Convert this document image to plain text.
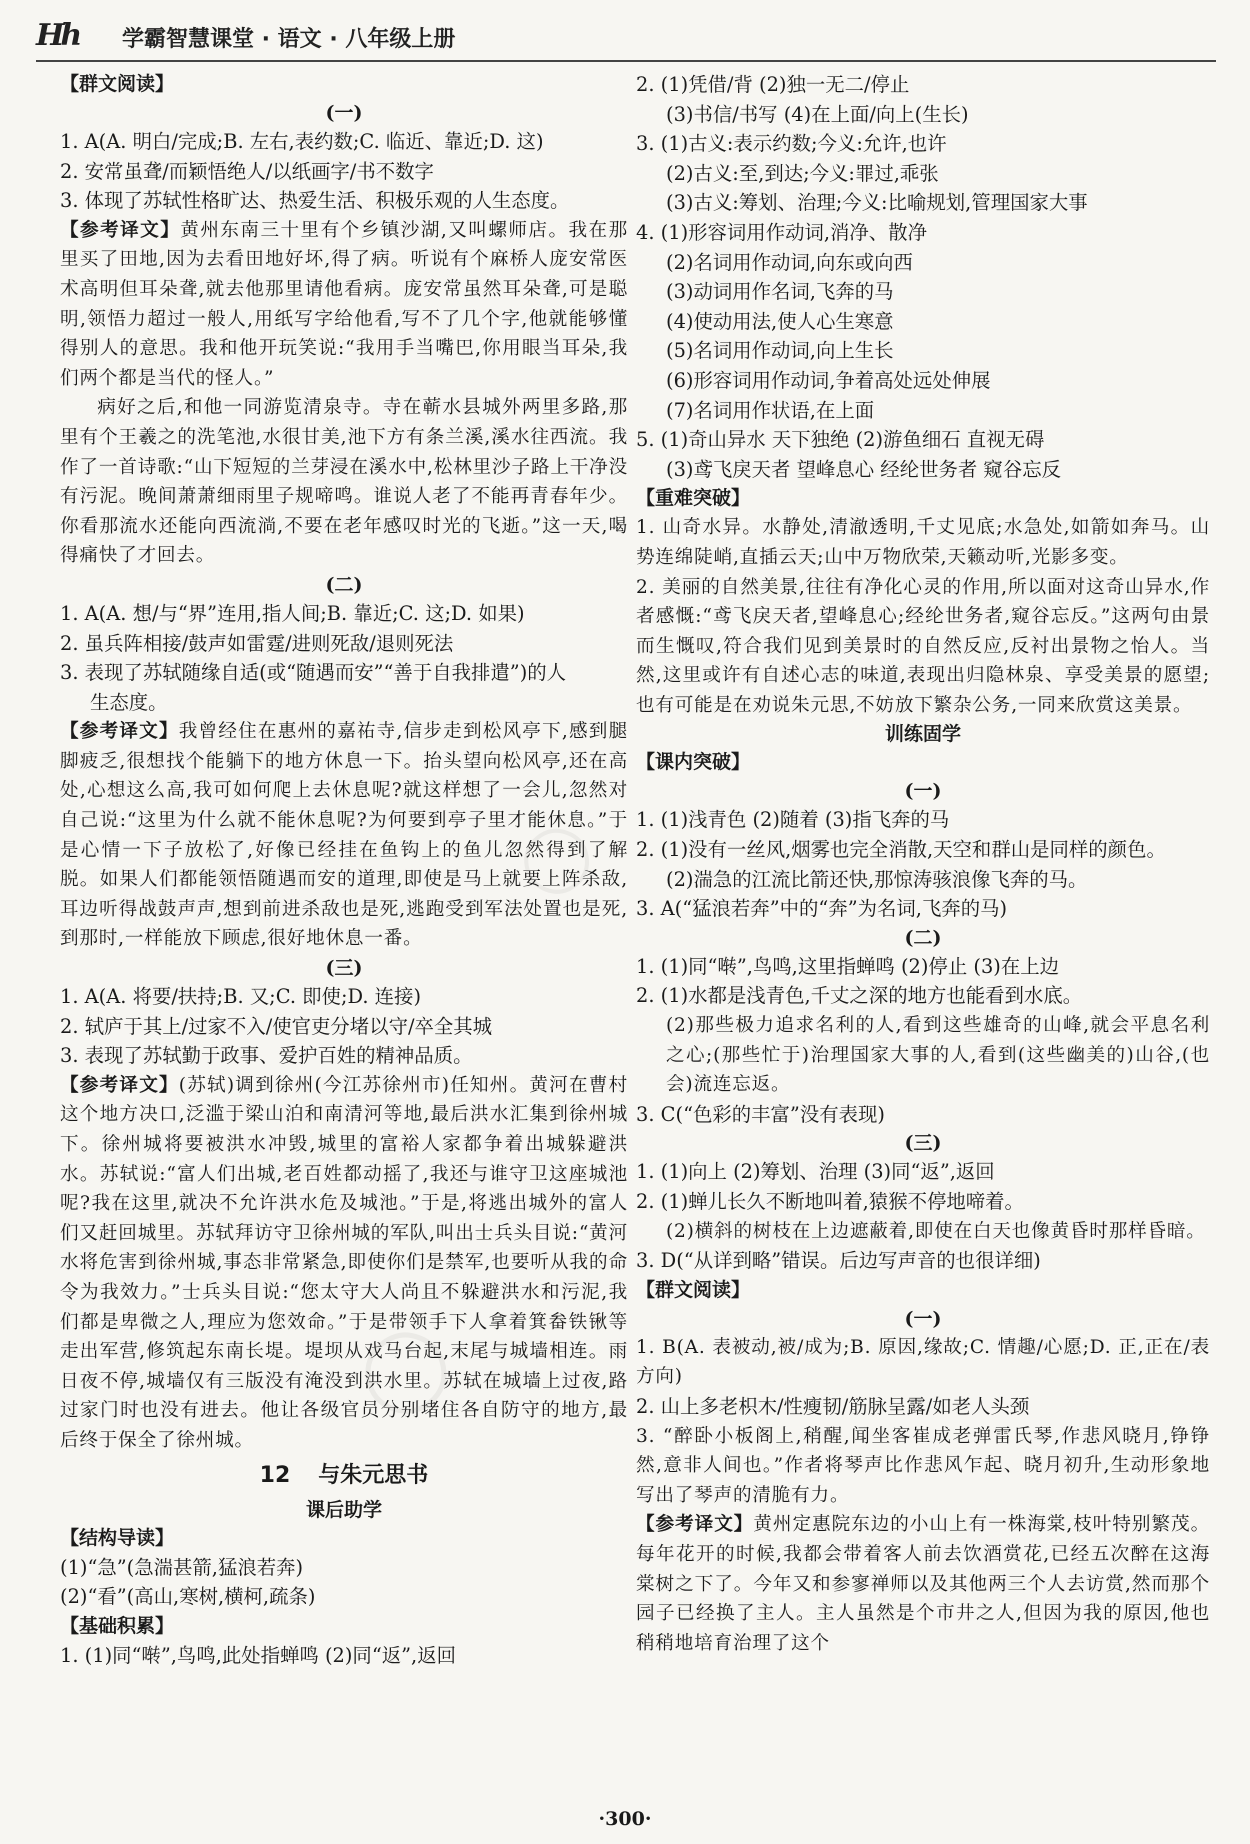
Hh 学霸智慧课堂 · 语文 · 八年级上册
【群文阅读】
(一)
1. A(A. 明白/完成;B. 左右,表约数;C. 临近、靠近;D. 这)
2. 安常虽聋/而颖悟绝人/以纸画字/书不数字
3. 体现了苏轼性格旷达、热爱生活、积极乐观的人生态度。

【参考译文】黄州东南三十里有个乡镇沙湖,又叫螺师店。我在那里买了田地,因为去看田地好坏,得了病。听说有个麻桥人庞安常医术高明但耳朵聋,就去他那里请他看病。庞安常虽然耳朵聋,可是聪明,领悟力超过一般人,用纸写字给他看,写不了几个字,他就能够懂得别人的意思。我和他开玩笑说:“我用手当嘴巴,你用眼当耳朵,我们两个都是当代的怪人。”

病好之后,和他一同游览清泉寺。寺在蕲水县城外两里多路,那里有个王羲之的洗笔池,水很甘美,池下方有条兰溪,溪水往西流。我作了一首诗歌:“山下短短的兰芽浸在溪水中,松林里沙子路上干净没有污泥。晚间萧萧细雨里子规啼鸣。谁说人老了不能再青春年少。你看那流水还能向西流淌,不要在老年感叹时光的飞逝。”这一天,喝得痛快了才回去。

(二)
1. A(A. 想/与“界”连用,指人间;B. 靠近;C. 这;D. 如果)
2. 虽兵阵相接/鼓声如雷霆/进则死敌/退则死法
3. 表现了苏轼随缘自适(或“随遇而安”“善于自我排遣”)的人
生态度。

【参考译文】我曾经住在惠州的嘉祐寺,信步走到松风亭下,感到腿脚疲乏,很想找个能躺下的地方休息一下。抬头望向松风亭,还在高处,心想这么高,我可如何爬上去休息呢?就这样想了一会儿,忽然对自己说:“这里为什么就不能休息呢?为何要到亭子里才能休息。”于是心情一下子放松了,好像已经挂在鱼钩上的鱼儿忽然得到了解脱。如果人们都能领悟随遇而安的道理,即使是马上就要上阵杀敌,耳边听得战鼓声声,想到前进杀敌也是死,逃跑受到军法处置也是死,到那时,一样能放下顾虑,很好地休息一番。

(三)
1. A(A. 将要/扶持;B. 又;C. 即使;D. 连接)
2. 轼庐于其上/过家不入/使官吏分堵以守/卒全其城
3. 表现了苏轼勤于政事、爱护百姓的精神品质。

【参考译文】(苏轼)调到徐州(今江苏徐州市)任知州。黄河在曹村这个地方决口,泛滥于梁山泊和南清河等地,最后洪水汇集到徐州城下。徐州城将要被洪水冲毁,城里的富裕人家都争着出城躲避洪水。苏轼说:“富人们出城,老百姓都动摇了,我还与谁守卫这座城池呢?我在这里,就决不允许洪水危及城池。”于是,将逃出城外的富人们又赶回城里。苏轼拜访守卫徐州城的军队,叫出士兵头目说:“黄河水将危害到徐州城,事态非常紧急,即使你们是禁军,也要听从我的命令为我效力。”士兵头目说:“您太守大人尚且不躲避洪水和污泥,我们都是卑微之人,理应为您效命。”于是带领手下人拿着箕畚铁锹等走出军营,修筑起东南长堤。堤坝从戏马台起,末尾与城墙相连。雨日夜不停,城墙仅有三版没有淹没到洪水里。苏轼在城墙上过夜,路过家门时也没有进去。他让各级官员分别堵住各自防守的地方,最后终于保全了徐州城。

12 与朱元思书
课后助学
【结构导读】
(1)“急”(急湍甚箭,猛浪若奔)
(2)“看”(高山,寒树,横柯,疏条)
【基础积累】
1. (1)同“啭”,鸟鸣,此处指蝉鸣 (2)同“返”,返回
2. (1)凭借/背 (2)独一无二/停止
(3)书信/书写 (4)在上面/向上(生长)
3. (1)古义:表示约数;今义:允许,也许
(2)古义:至,到达;今义:罪过,乖张
(3)古义:筹划、治理;今义:比喻规划,管理国家大事
4. (1)形容词用作动词,消净、散净
(2)名词用作动词,向东或向西
(3)动词用作名词,飞奔的马
(4)使动用法,使人心生寒意
(5)名词用作动词,向上生长
(6)形容词用作动词,争着高处远处伸展
(7)名词用作状语,在上面
5. (1)奇山异水 天下独绝 (2)游鱼细石 直视无碍
(3)鸢飞戾天者 望峰息心 经纶世务者 窥谷忘反
【重难突破】

1. 山奇水异。水静处,清澈透明,千丈见底;水急处,如箭如奔马。山势连绵陡峭,直插云天;山中万物欣荣,天籁动听,光影多变。

2. 美丽的自然美景,往往有净化心灵的作用,所以面对这奇山异水,作者感慨:“鸢飞戾天者,望峰息心;经纶世务者,窥谷忘反。”这两句由景而生慨叹,符合我们见到美景时的自然反应,反衬出景物之怡人。当然,这里或许有自述心志的味道,表现出归隐林泉、享受美景的愿望;也有可能是在劝说朱元思,不妨放下繁杂公务,一同来欣赏这美景。

训练固学
【课内突破】
(一)
1. (1)浅青色 (2)随着 (3)指飞奔的马
2. (1)没有一丝风,烟雾也完全消散,天空和群山是同样的颜色。
(2)湍急的江流比箭还快,那惊涛骇浪像飞奔的马。
3. A(“猛浪若奔”中的“奔”为名词,飞奔的马)
(二)
1. (1)同“啭”,鸟鸣,这里指蝉鸣 (2)停止 (3)在上边
2. (1)水都是浅青色,千丈之深的地方也能看到水底。

(2)那些极力追求名利的人,看到这些雄奇的山峰,就会平息名利之心;(那些忙于)治理国家大事的人,看到(这些幽美的)山谷,(也会)流连忘返。

3. C(“色彩的丰富”没有表现)
(三)
1. (1)向上 (2)筹划、治理 (3)同“返”,返回
2. (1)蝉儿长久不断地叫着,猿猴不停地啼着。

(2)横斜的树枝在上边遮蔽着,即使在白天也像黄昏时那样昏暗。

3. D(“从详到略”错误。后边写声音的也很详细)
【群文阅读】
(一)

1. B(A. 表被动,被/成为;B. 原因,缘故;C. 情趣/心愿;D. 正,正在/表方向)

2. 山上多老枳木/性瘦韧/筋脉呈露/如老人头颈

3. “醉卧小板阁上,稍醒,闻坐客崔成老弹雷氏琴,作悲风晓月,铮铮然,意非人间也。”作者将琴声比作悲风乍起、晓月初升,生动形象地写出了琴声的清脆有力。

【参考译文】黄州定惠院东边的小山上有一株海棠,枝叶特别繁茂。每年花开的时候,我都会带着客人前去饮酒赏花,已经五次醉在这海棠树之下了。今年又和参寥禅师以及其他两三个人去访赏,然而那个园子已经换了主人。主人虽然是个市井之人,但因为我的原因,他也稍稍地培育治理了这个

◯
◯
·300·
